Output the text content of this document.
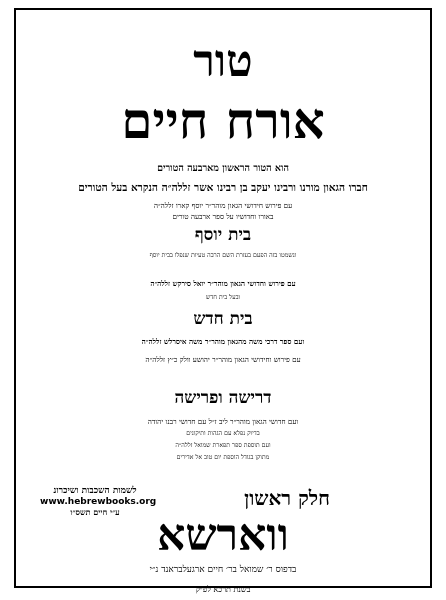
טור
אורח חיים
הוא הטור הראשון מארבעה הטורים
חברו הגאון מורנו ורבינו יעקב בן רבינו אשר זללה״ה הנקרא בעל הטורים
עם פירוש חידושי הגאון מוהר״ר יוסף קארו זללה״ה
באורו וחדושיו על ספר ארבעה טורים
בית יוסף
ונשמטו בזה הפעם בעזרת השם הרבה טעיות שנפלו בבית יוסף
עם פירוש וחדושי הגאון מוהר״ר יואל סירקש זללה״ה
ובעל בית חדש
בית חדש
ועם ספר דרכי משה מהגאון מוהר״ר משה איסרלש זללה״ה
עם פירוש וחידושי הגאון מוהר״ר יהושע וולק כ״ץ זללה״ה
דרישה ופרישה
ועם חדושי הגאון מוהר״ר ליב ז״ל עם חדושי רבנו יהודה
בדיוק נפלא עם הגהות ותיקונים
ועם תוספת ספר תפארת שמואל זללה״ה
מתוקן בגודל הוספת יום טוב אל אדירים
לשמות השכבות ושיכרונ
www.hebrewbooks.org
ע״י חיים תשס״ו
חלק ראשון
ווארשא
בדפוס ר׳ שמואל בר׳ חיים ארגעלבראנד נ״י
בשנת תרכא לפ״ק
